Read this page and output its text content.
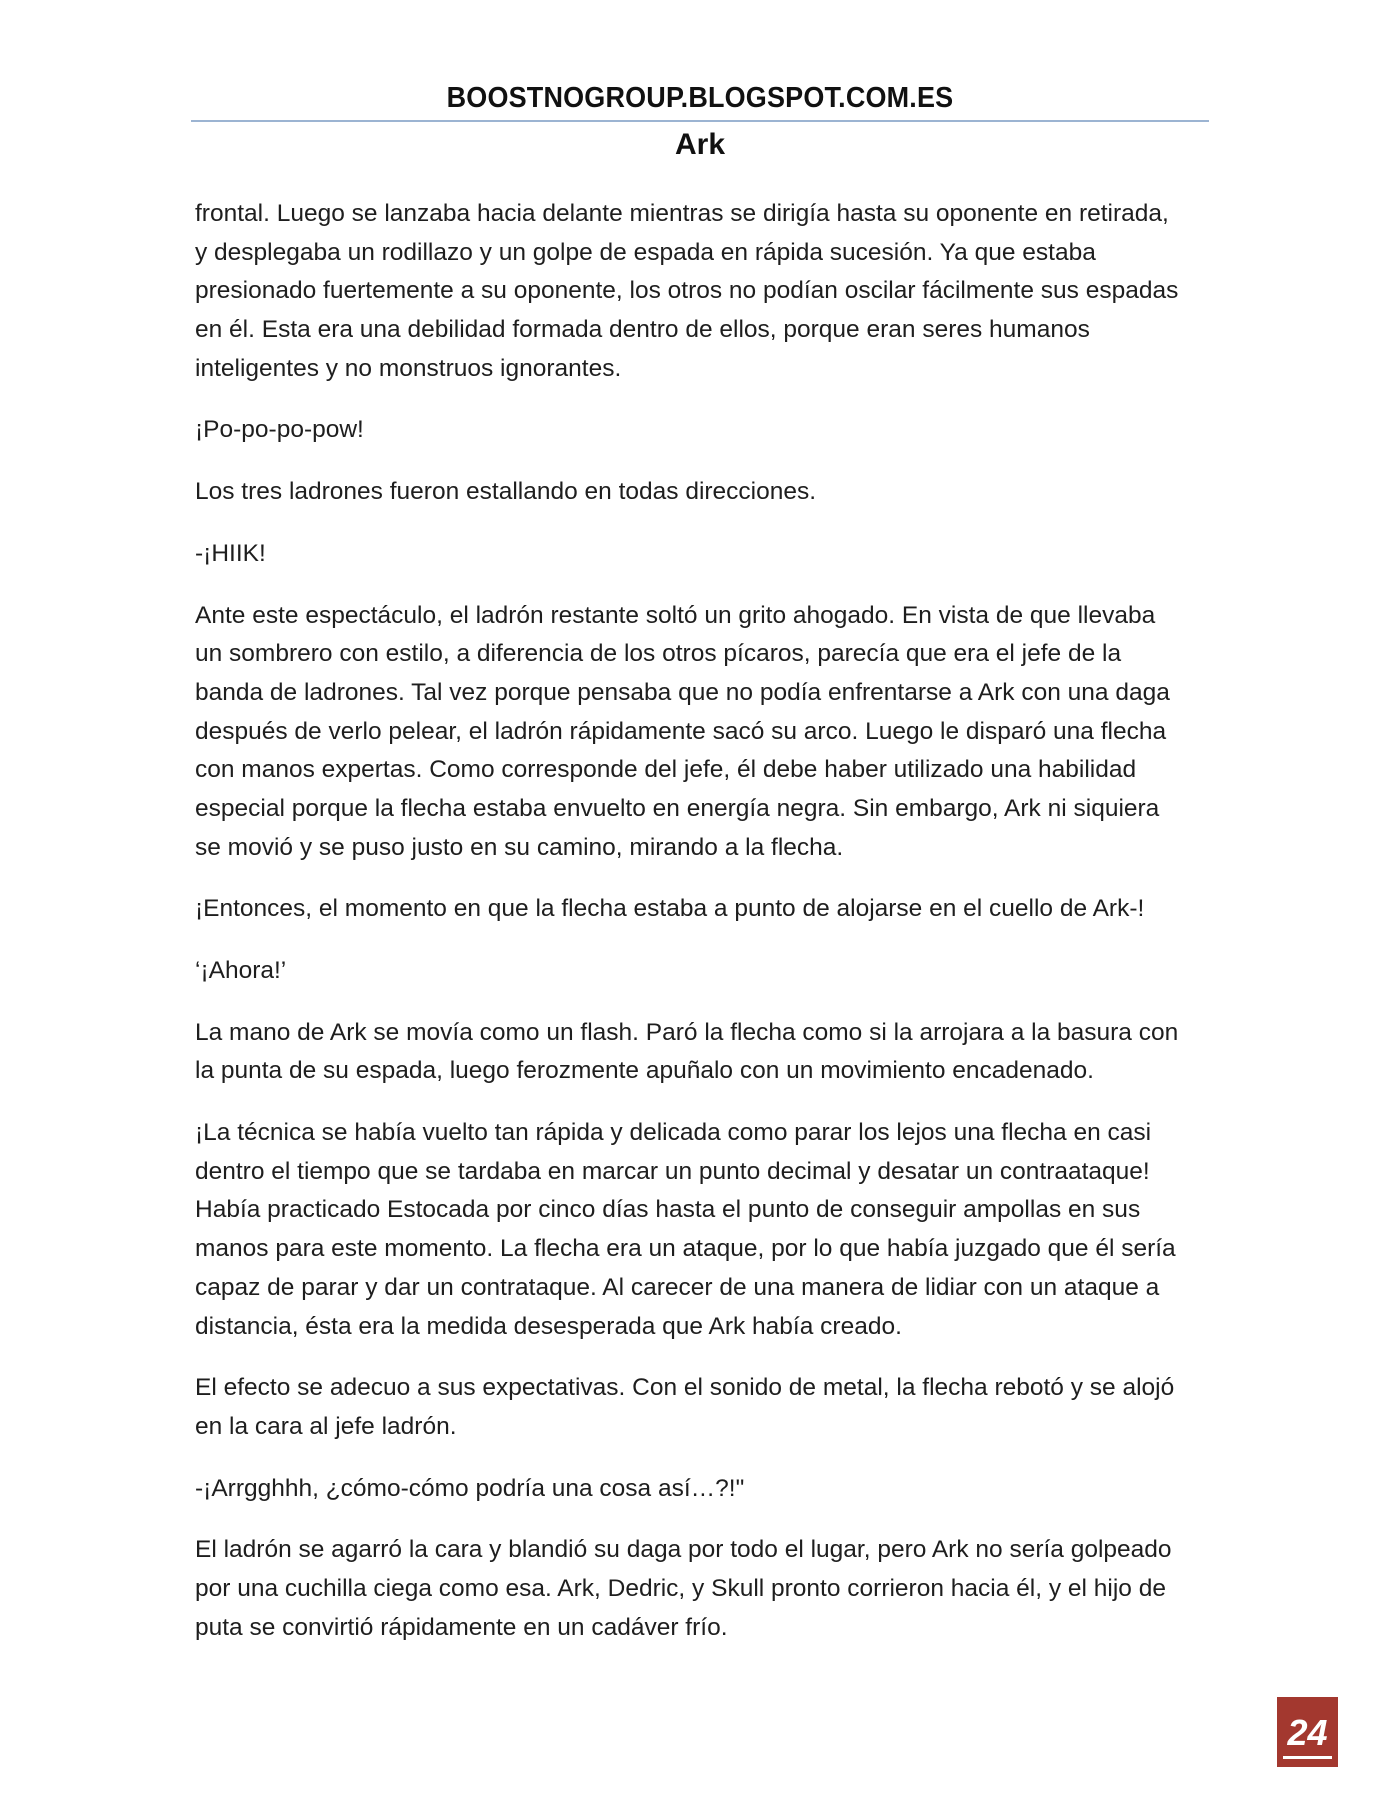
BOOSTNOGROUP.BLOGSPOT.COM.ES
Ark

frontal. Luego se lanzaba hacia delante mientras se dirigía hasta su oponente en retirada,
y desplegaba un rodillazo y un golpe de espada en rápida sucesión. Ya que estaba
presionado fuertemente a su oponente, los otros no podían oscilar fácilmente sus espadas
en él. Esta era una debilidad formada dentro de ellos, porque eran seres humanos
inteligentes y no monstruos ignorantes.

¡Po-po-po-pow!

Los tres ladrones fueron estallando en todas direcciones.

-¡HIIK!

Ante este espectáculo, el ladrón restante soltó un grito ahogado. En vista de que llevaba
un sombrero con estilo, a diferencia de los otros pícaros, parecía que era el jefe de la
banda de ladrones. Tal vez porque pensaba que no podía enfrentarse a Ark con una daga
después de verlo pelear, el ladrón rápidamente sacó su arco. Luego le disparó una flecha
con manos expertas. Como corresponde del jefe, él debe haber utilizado una habilidad
especial porque la flecha estaba envuelto en energía negra. Sin embargo, Ark ni siquiera
se movió y se puso justo en su camino, mirando a la flecha.

¡Entonces, el momento en que la flecha estaba a punto de alojarse en el cuello de Ark-!

‘¡Ahora!’

La mano de Ark se movía como un flash. Paró la flecha como si la arrojara a la basura con
la punta de su espada, luego ferozmente apuñalo con un movimiento encadenado.

¡La técnica se había vuelto tan rápida y delicada como parar los lejos una flecha en casi
dentro el tiempo que se tardaba en marcar un punto decimal y desatar un contraataque!
Había practicado Estocada por cinco días hasta el punto de conseguir ampollas en sus
manos para este momento. La flecha era un ataque, por lo que había juzgado que él sería
capaz de parar y dar un contrataque. Al carecer de una manera de lidiar con un ataque a
distancia, ésta era la medida desesperada que Ark había creado.

El efecto se adecuo a sus expectativas. Con el sonido de metal, la flecha rebotó y se alojó
en la cara al jefe ladrón.

-¡Arrgghhh, ¿cómo-cómo podría una cosa así…?!"

El ladrón se agarró la cara y blandió su daga por todo el lugar, pero Ark no sería golpeado
por una cuchilla ciega como esa. Ark, Dedric, y Skull pronto corrieron hacia él, y el hijo de
puta se convirtió rápidamente en un cadáver frío.

24
